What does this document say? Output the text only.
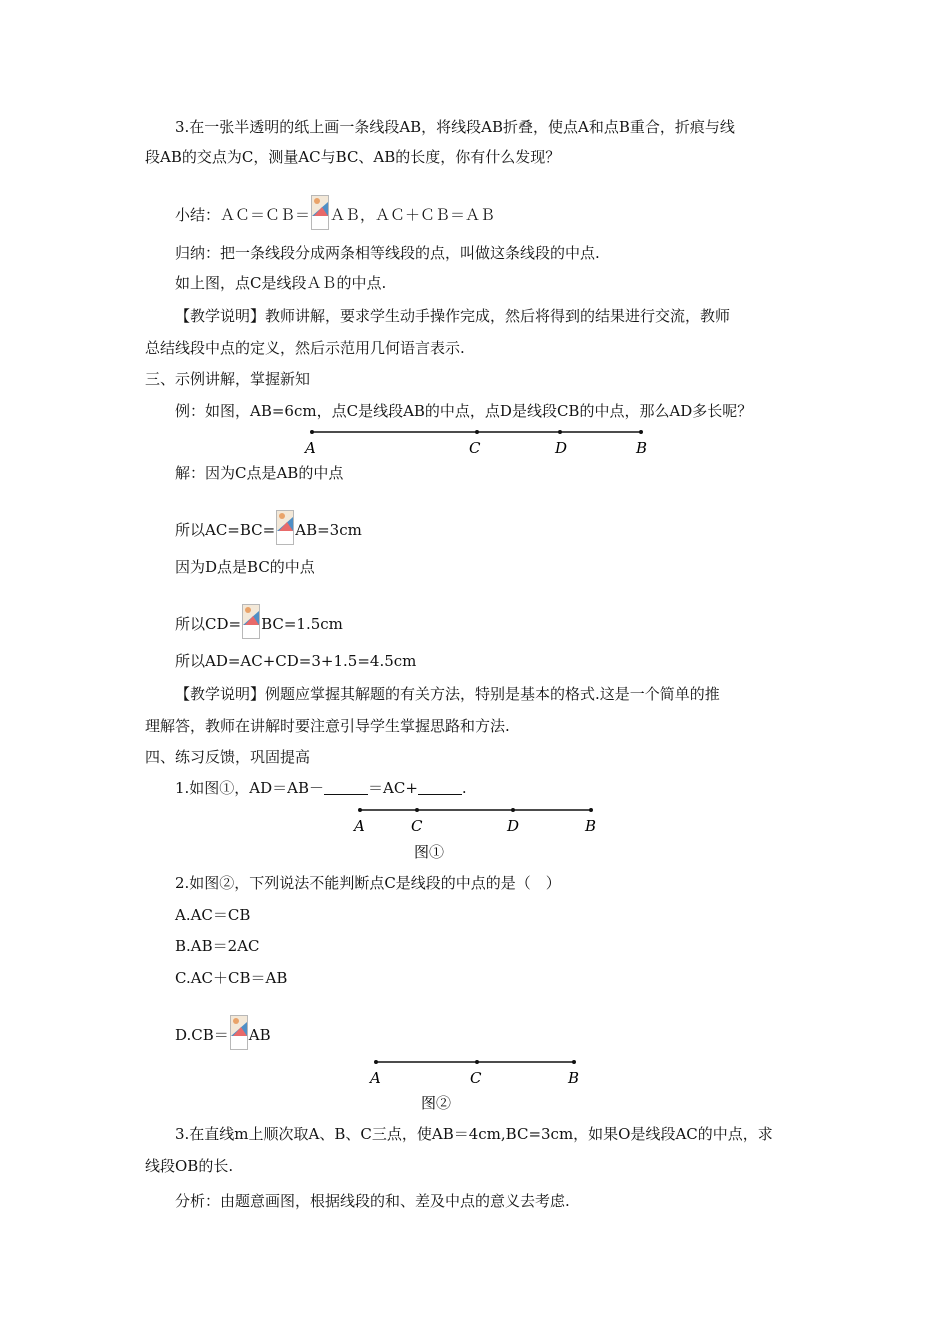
3.在一张半透明的纸上画一条线段AB，将线段AB折叠，使点A和点B重合，折痕与线
段AB的交点为C，测量AC与BC、AB的长度，你有什么发现？
小结：ＡＣ＝ＣＢ＝ ＡＢ，ＡＣ＋ＣＢ＝ＡＢ
归纳：把一条线段分成两条相等线段的点，叫做这条线段的中点.
如上图，点C是线段ＡＢ的中点.
【教学说明】教师讲解，要求学生动手操作完成，然后将得到的结果进行交流，教师
总结线段中点的定义，然后示范用几何语言表示.
三、示例讲解，掌握新知
例：如图，AB=6cm，点C是线段AB的中点，点D是线段CB的中点，那么AD多长呢？
A	C	D	B
A	C	D	B
图①
A	C	B
图②
解：因为C点是AB的中点
所以AC=BC= AB=3cm
因为D点是BC的中点
所以CD= BC=1.5cm
所以AD=AC+CD=3+1.5=4.5cm
【教学说明】例题应掌握其解题的有关方法，特别是基本的格式.这是一个简单的推
理解答，教师在讲解时要注意引导学生掌握思路和方法.
四、练习反馈，巩固提高
1.如图①，AD＝AB－	＝AC+	.
2.如图②，下列说法不能判断点C是线段的中点的是（　）
A.AC＝CB
B.AB＝2AC
C.AC＋CB＝AB
D.CB＝ AB
3.在直线m上顺次取A、B、C三点，使AB＝4cm,BC=3cm，如果O是线段AC的中点，求
线段OB的长.
分析：由题意画图，根据线段的和、差及中点的意义去考虑.
